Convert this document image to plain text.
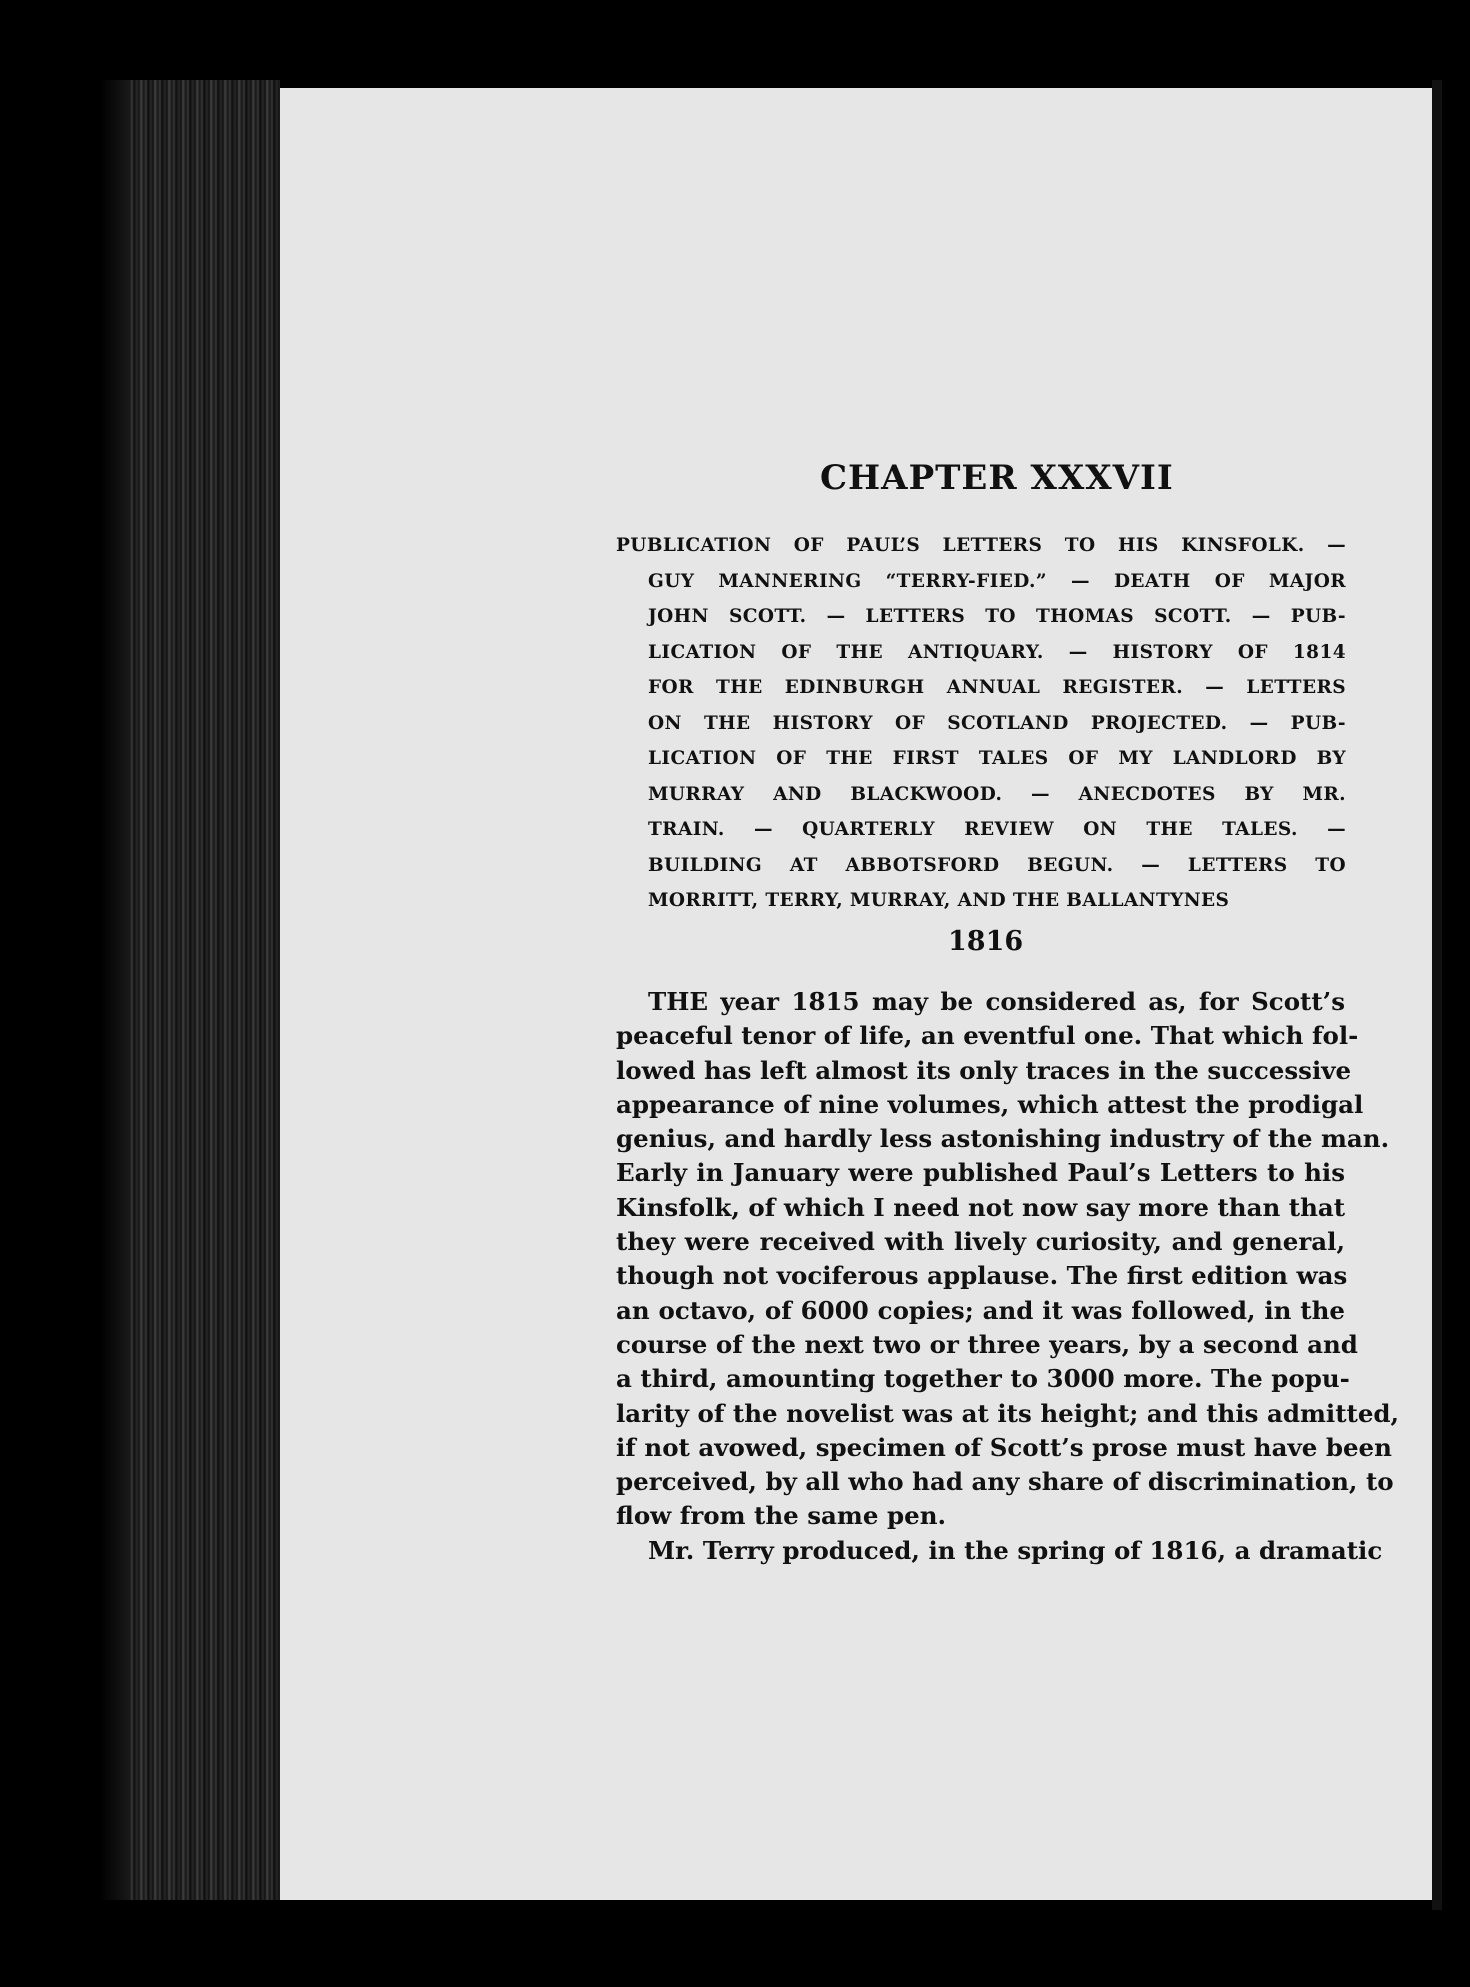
CHAPTER XXXVII
PUBLICATION OF PAUL’S LETTERS TO HIS KINSFOLK. —
GUY MANNERING “TERRY-FIED.” — DEATH OF MAJOR
JOHN SCOTT. — LETTERS TO THOMAS SCOTT. — PUB-
LICATION OF THE ANTIQUARY. — HISTORY OF 1814
FOR THE EDINBURGH ANNUAL REGISTER. — LETTERS
ON THE HISTORY OF SCOTLAND PROJECTED. — PUB-
LICATION OF THE FIRST TALES OF MY LANDLORD BY
MURRAY AND BLACKWOOD. — ANECDOTES BY MR.
TRAIN. — QUARTERLY REVIEW ON THE TALES. —
BUILDING AT ABBOTSFORD BEGUN. — LETTERS TO
MORRITT, TERRY, MURRAY, AND THE BALLANTYNES
1816
THE year 1815 may be considered as, for Scott’s
peaceful tenor of life, an eventful one. That which fol-
lowed has left almost its only traces in the successive
appearance of nine volumes, which attest the prodigal
genius, and hardly less astonishing industry of the man.
Early in January were published Paul’s Letters to his
Kinsfolk, of which I need not now say more than that
they were received with lively curiosity, and general,
though not vociferous applause. The first edition was
an octavo, of 6000 copies; and it was followed, in the
course of the next two or three years, by a second and
a third, amounting together to 3000 more. The popu-
larity of the novelist was at its height; and this admitted,
if not avowed, specimen of Scott’s prose must have been
perceived, by all who had any share of discrimination, to
flow from the same pen.
Mr. Terry produced, in the spring of 1816, a dramatic
